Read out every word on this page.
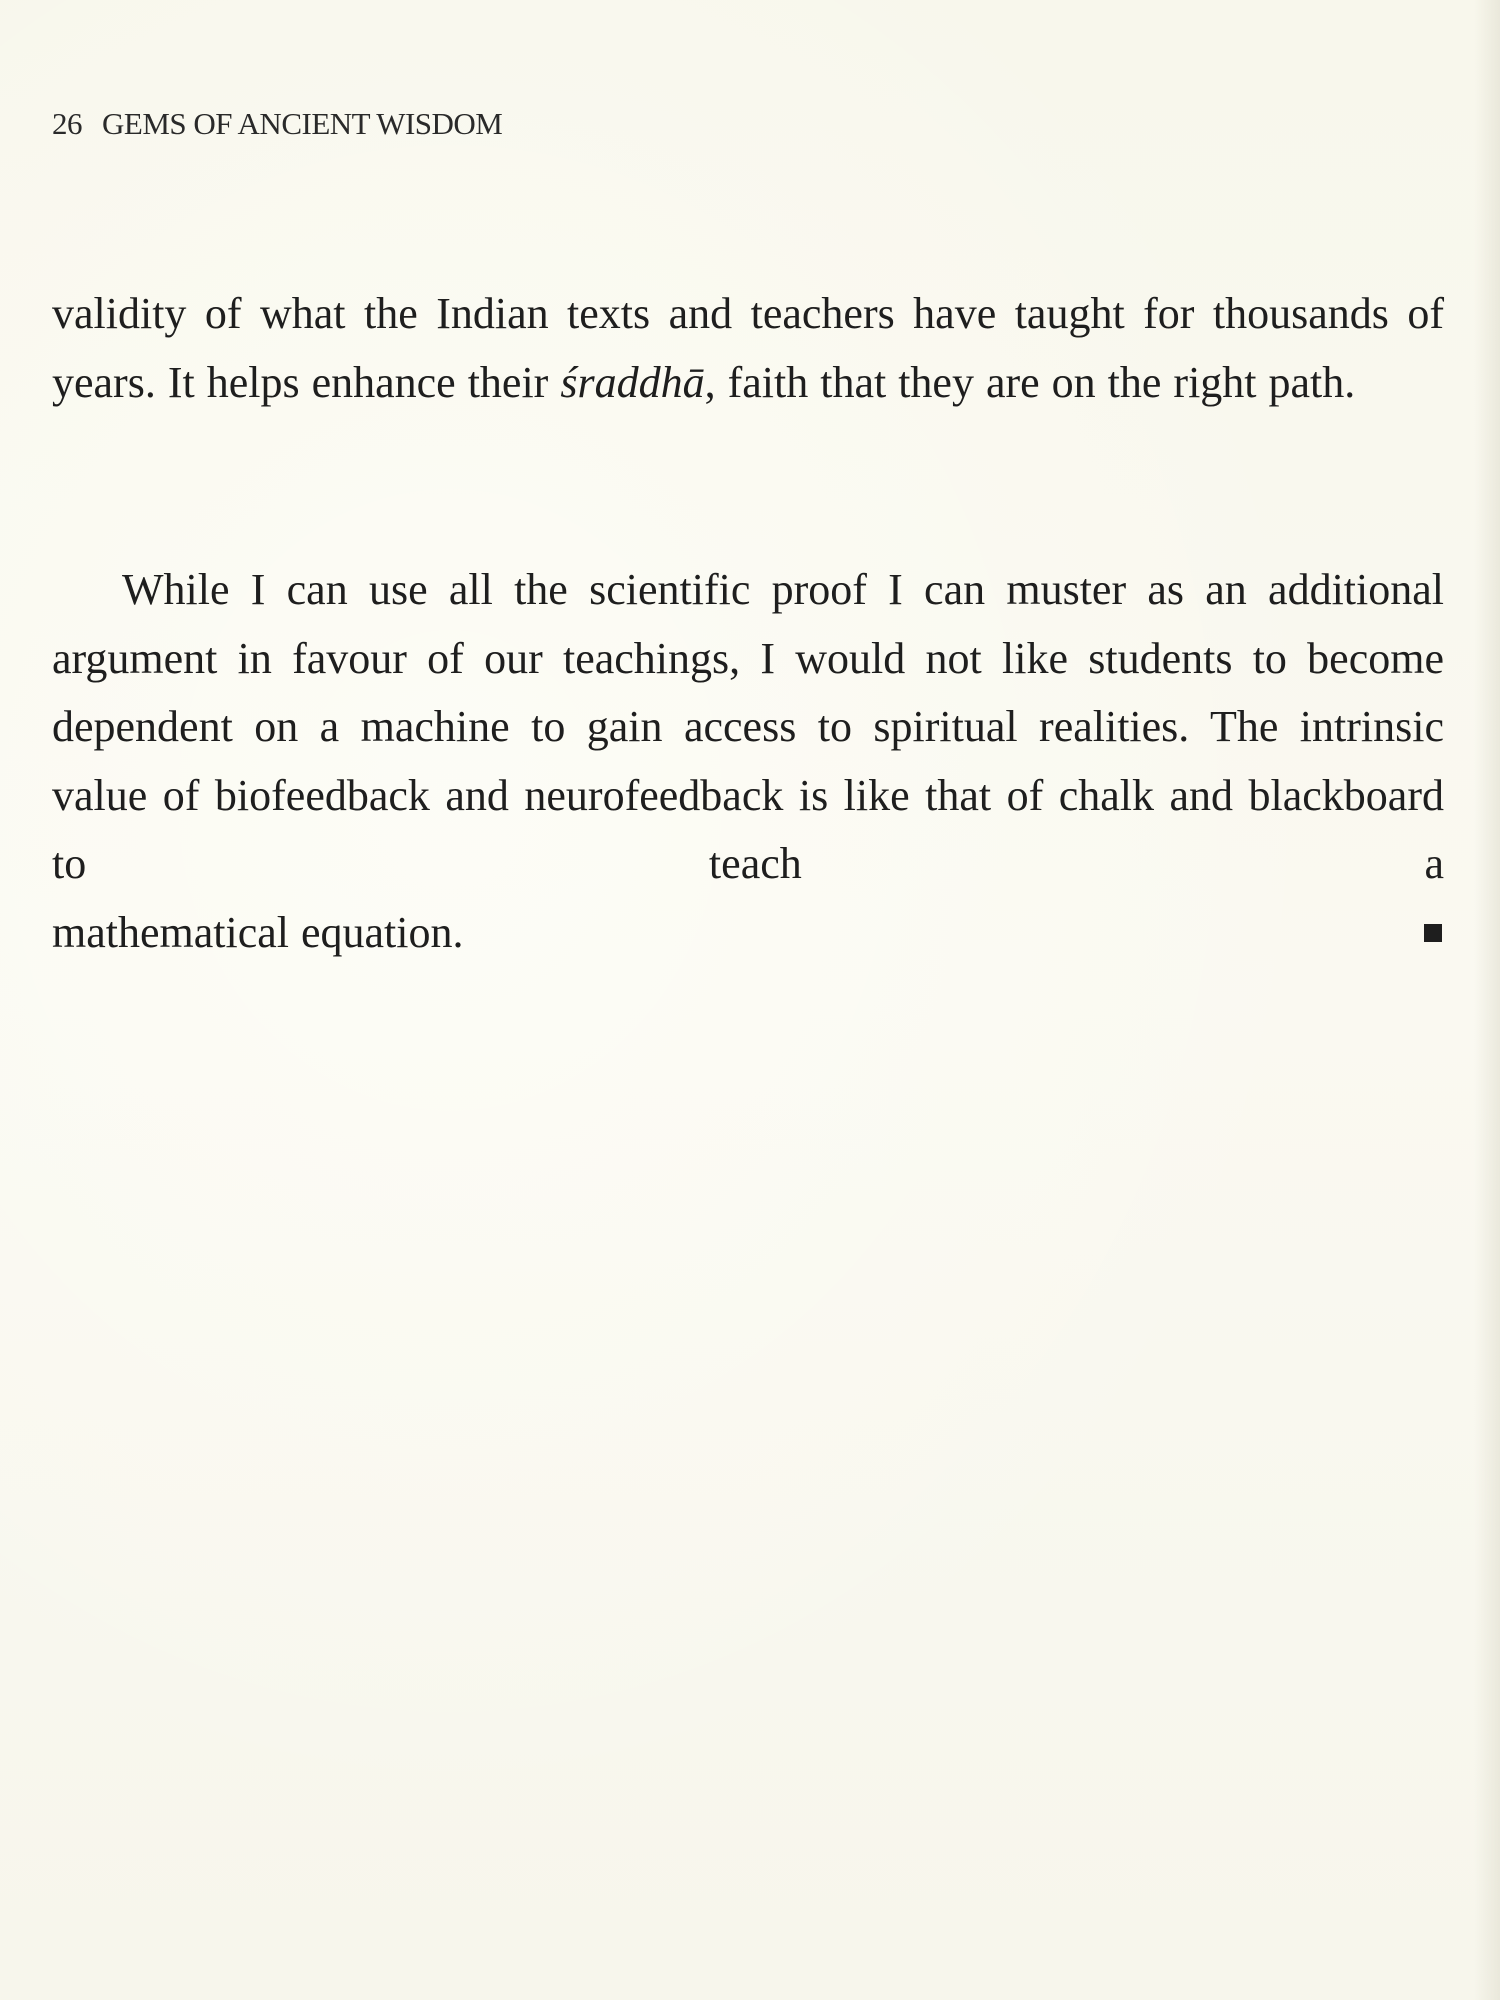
26 GEMS OF ANCIENT WISDOM

validity of what the Indian texts and teachers have taught for thousands of years. It helps enhance their śraddhā, faith that they are on the right path.

While I can use all the scientific proof I can muster as an additional argument in favour of our teachings, I would not like students to become dependent on a machine to gain access to spiritual realities. The intrinsic value of biofeedback and neurofeedback is like that of chalk and blackboard to teach a
mathematical equation.
